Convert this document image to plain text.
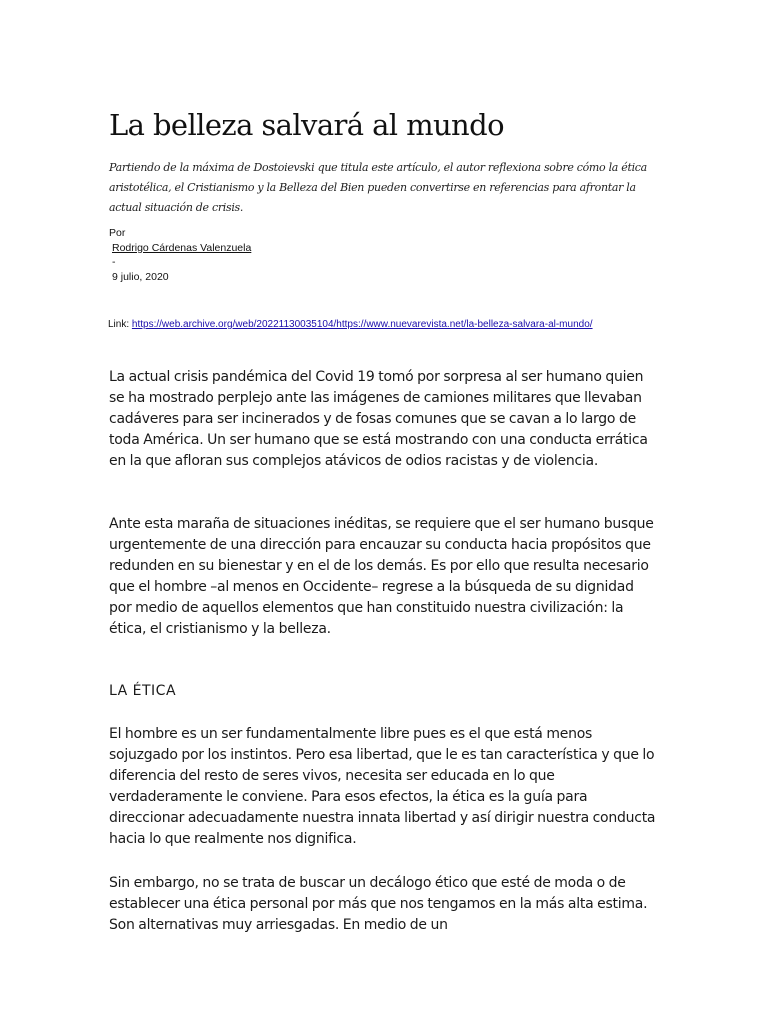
La belleza salvará al mundo

Partiendo de la máxima de Dostoievski que titula este artículo, el autor reflexiona sobre cómo la ética aristotélica, el Cristianismo y la Belleza del Bien pueden convertirse en referencias para afrontar la actual situación de crisis.

Por
Rodrigo Cárdenas Valenzuela
-
9 julio, 2020
Link: https://web.archive.org/web/20221130035104/https://www.nuevarevista.net/la-belleza-salvara-al-mundo/

La actual crisis pandémica del Covid 19 tomó por sorpresa al ser humano quien se ha mostrado perplejo ante las imágenes de camiones militares que llevaban cadáveres para ser incinerados y de fosas comunes que se cavan a lo largo de toda América. Un ser humano que se está mostrando con una conducta errática en la que afloran sus complejos atávicos de odios racistas y de violencia.

Ante esta maraña de situaciones inéditas, se requiere que el ser humano busque urgentemente de una dirección para encauzar su conducta hacia propósitos que redunden en su bienestar y en el de los demás. Es por ello que resulta necesario que el hombre –al menos en Occidente– regrese a la búsqueda de su dignidad por medio de aquellos elementos que han constituido nuestra civilización: la ética, el cristianismo y la belleza.

LA ÉTICA

El hombre es un ser fundamentalmente libre pues es el que está menos sojuzgado por los instintos. Pero esa libertad, que le es tan característica y que lo diferencia del resto de seres vivos, necesita ser educada en lo que verdaderamente le conviene. Para esos efectos, la ética es la guía para direccionar adecuadamente nuestra innata libertad y así dirigir nuestra conducta hacia lo que realmente nos dignifica.

Sin embargo, no se trata de buscar un decálogo ético que esté de moda o de establecer una ética personal por más que nos tengamos en la más alta estima. Son alternativas muy arriesgadas. En medio de un
